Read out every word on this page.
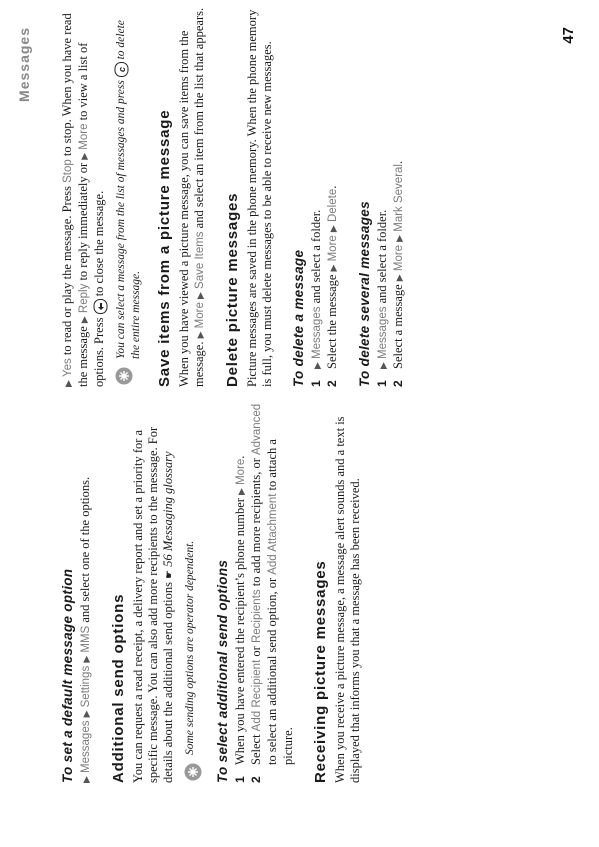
Messages	47
To set a default message option ▶ Messages ▶ Settings ▶ MMS and select one of the options.

Additional send options You can request a read receipt, a delivery report and set a priority for a specific message. You can also add more recipients to the message. For details about the additional send options ☛ 56 Messaging glossary

Some sending options are operator dependent. To select additional send options 1
When you have entered the recipient’s phone number ▶ More.
2
Select Add Recipient or Recipients to add more recipients, or Advanced to select an additional send option, or Add Attachment to attach a picture. Receiving picture messages When you receive a picture message, a message alert sounds and a text is displayed that informs you that a message has been received.

▶ Yes to read or play the message. Press Stop to stop. When you have read the message ▶ Reply to reply immediately or ▶ More to view a list of options. Press  to close the message. You can select a message from the list of messages and press
c
to delete the entire message. Save items from a picture message When you have viewed a picture message, you can save items from the message. ▶ More ▶ Save Items and select an item from the list that appears.

Delete picture messages Picture messages are saved in the phone memory. When the phone memory is full, you must delete messages to be able to receive new messages. To delete a message 1
▶ Messages and select a folder.
2
Select the message ▶ More ▶ Delete.
To delete several messages 1
▶ Messages and select a folder.
2
Select a message ▶ More ▶ Mark Several.
